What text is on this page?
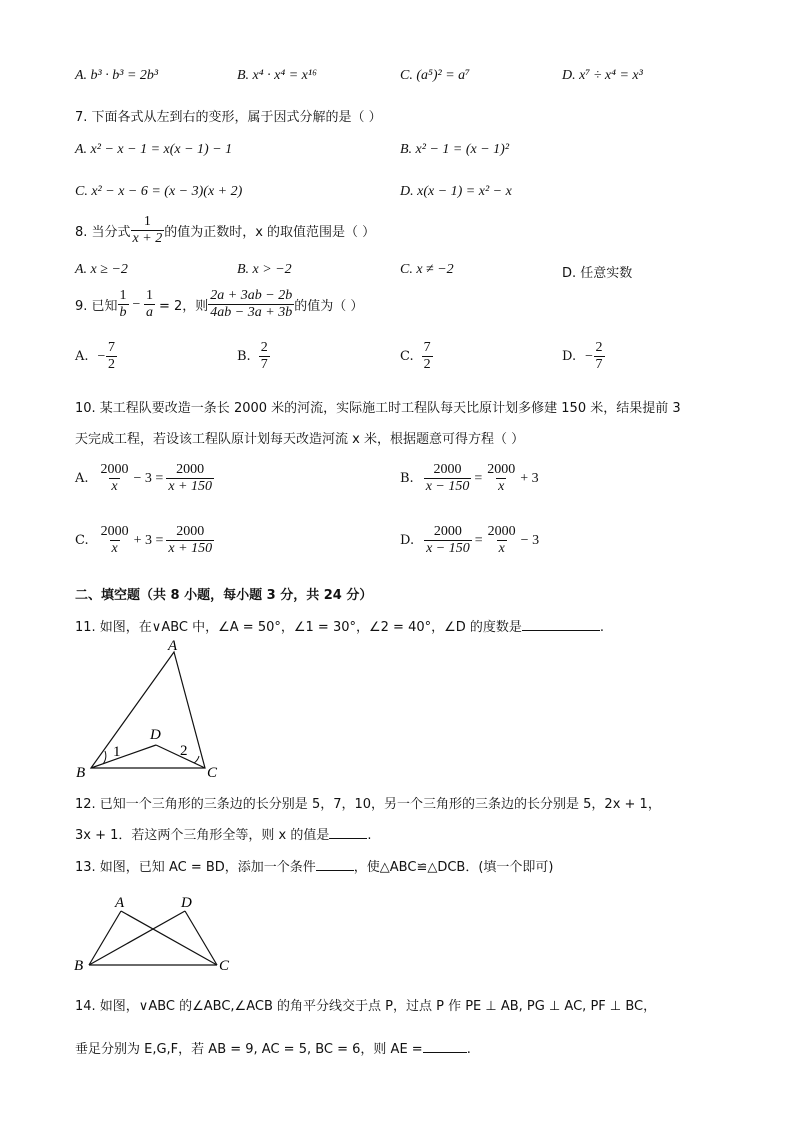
A. b³ · b³ = 2b³	B. x⁴ · x⁴ = x¹⁶	C. (a⁵)² = a⁷	D. x⁷ ÷ x⁴ = x³
7. 下面各式从左到右的变形，属于因式分解的是（ ）
A. x² − x − 1 = x(x − 1) − 1	B. x² − 1 = (x − 1)²
C. x² − x − 6 = (x − 3)(x + 2)	D. x(x − 1) = x² − x
8. 当分式 $\frac{1}{x + 2}$ 的值为正数时，x 的取值范围是（ ）
A. x ≥ −2	B. x > −2	C. x ≠ −2	D. 任意实数
9. 已知 $\frac{1}{b} - \frac{1}{a} = 2$，则 $\frac{2a + 3ab - 2b}{4ab - 3a + 3b}$ 的值为（ ）
A. − $\frac{7}{2}$	B. $\frac{2}{7}$	C. $\frac{7}{2}$	D. − $\frac{2}{7}$
10. 某工程队要改造一条长 2000 米的河流，实际施工时工程队每天比原计划多修建 150 米，结果提前 3
天完成工程，若设该工程队原计划每天改造河流 x 米，根据题意可得方程（ ）
A. $\frac{2000}{x} - 3 = \frac{2000}{x + 150}$	B. $\frac{2000}{x - 150} = \frac{2000}{x} + 3$
C. $\frac{2000}{x} + 3 = \frac{2000}{x + 150}$	D. $\frac{2000}{x - 150} = \frac{2000}{x} - 3$
二、填空题（共 8 小题，每小题 3 分，共 24 分）
11. 如图，在∨ABC 中，∠A = 50°，∠1 = 30°，∠2 = 40°，∠D 的度数是	.
A
B	C
D
1	2
12. 已知一个三角形的三条边的长分别是 5，7，10，另一个三角形的三条边的长分别是 5，2x + 1，
3x + 1．若这两个三角形全等，则 x 的值是	.
13. 如图，已知 AC = BD，添加一个条件	，使△ABC≌△DCB．(填一个即可)
A	D
B	C
14. 如图，∨ABC 的∠ABC,∠ACB 的角平分线交于点 P，过点 P 作 PE ⊥ AB, PG ⊥ AC, PF ⊥ BC，
垂足分别为 E,G,F，若 AB = 9, AC = 5, BC = 6，则 AE =	.
